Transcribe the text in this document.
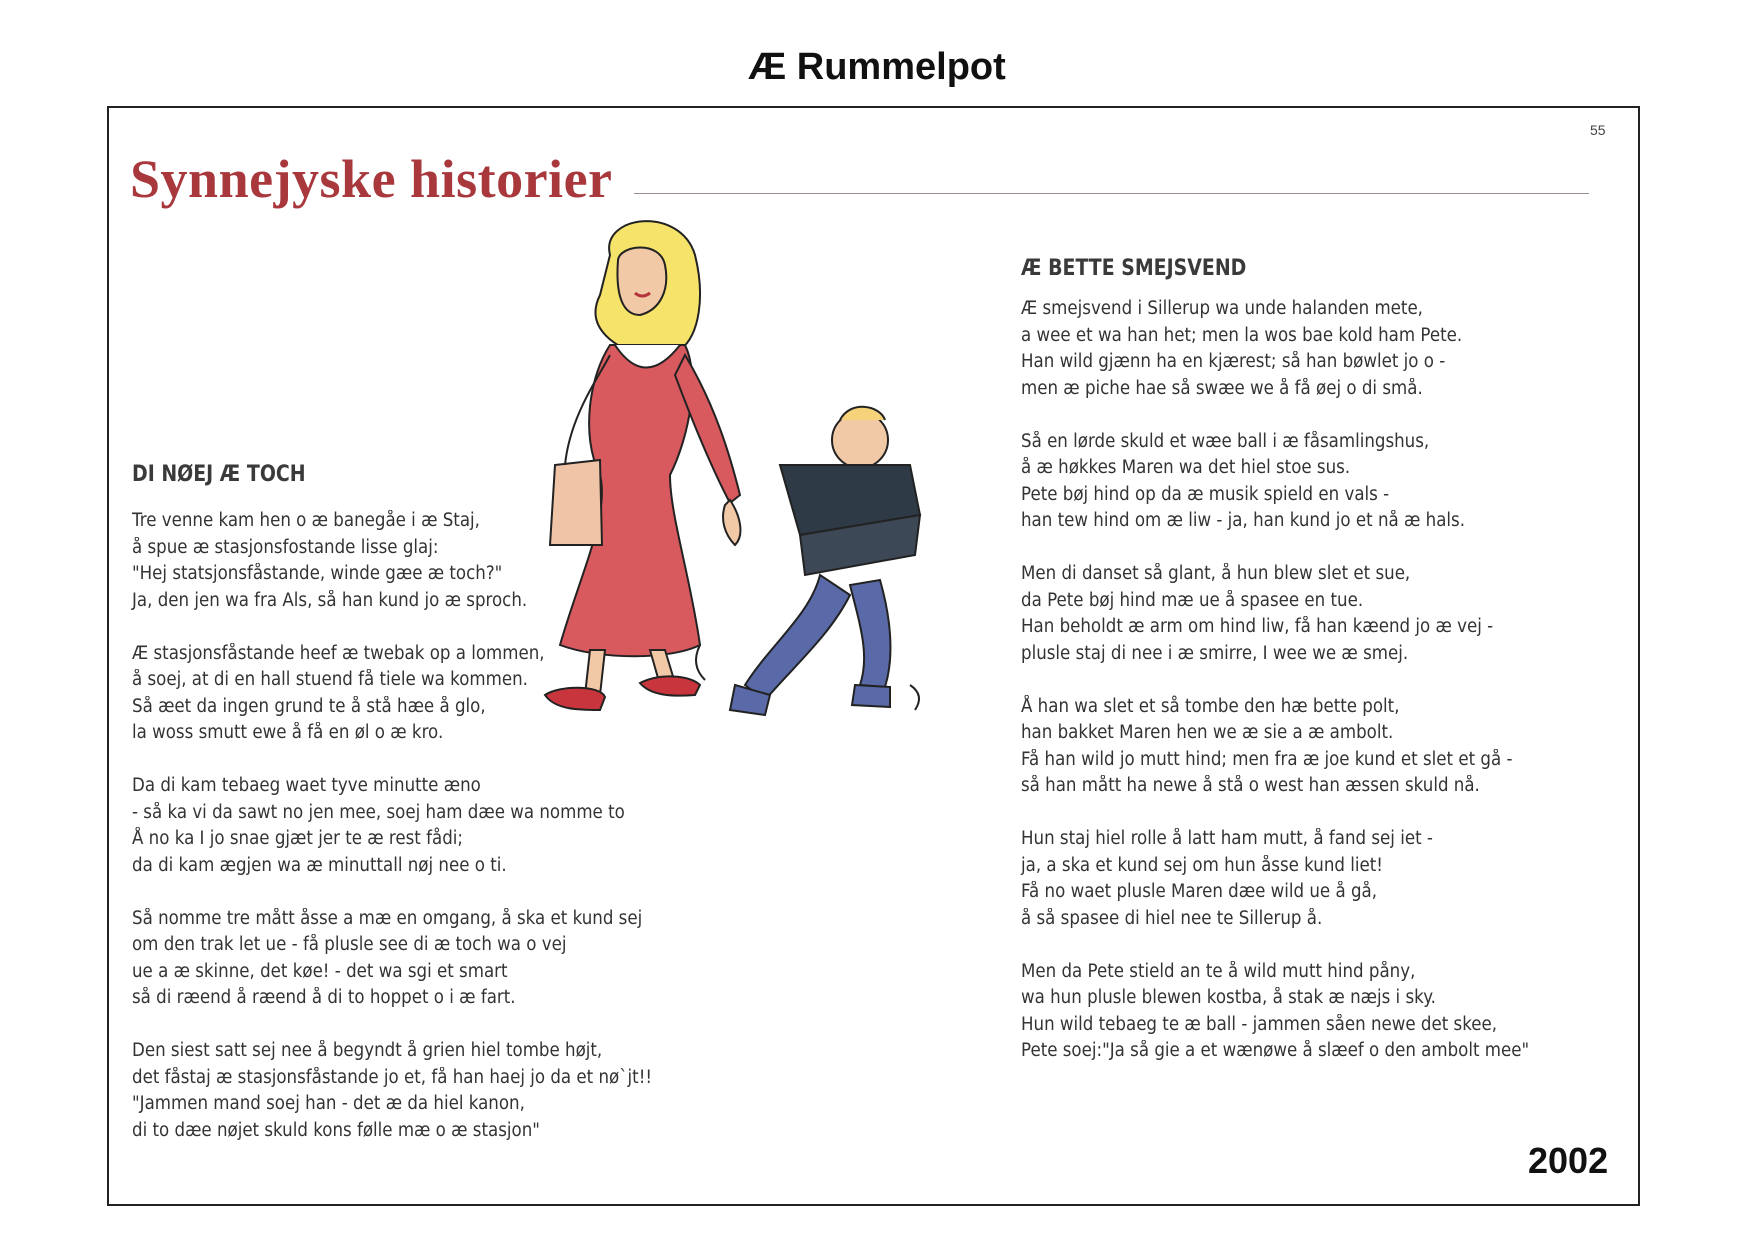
Æ Rummelpot
55
Synnejyske historier
DI NØEJ Æ TOCH
Tre venne kam hen o æ banegåe i æ Staj,
å spue æ stasjonsfostande lisse glaj:
"Hej statsjonsfåstande, winde gæe æ toch?"
Ja, den jen wa fra Als, så han kund jo æ sproch.
Æ stasjonsfåstande heef æ twebak op a lommen,
å soej, at di en hall stuend få tiele wa kommen.
Så æet da ingen grund te å stå hæe å glo,
la woss smutt ewe å få en øl o æ kro.
Da di kam tebaeg waet tyve minutte æno
- så ka vi da sawt no jen mee, soej ham dæe wa nomme to
Å no ka I jo snae gjæt jer te æ rest fådi;
da di kam ægjen wa æ minuttall nøj nee o ti.
Så nomme tre mått åsse a mæ en omgang, å ska et kund sej
om den trak let ue - få plusle see di æ toch wa o vej
ue a æ skinne, det køe! - det wa sgi et smart
så di ræend å ræend å di to hoppet o i æ fart.
Den siest satt sej nee å begyndt å grien hiel tombe højt,
det fåstaj æ stasjonsfåstande jo et, få han haej jo da et nø`jt!!
"Jammen mand soej han - det æ da hiel kanon,
di to dæe nøjet skuld kons følle mæ o æ stasjon"
Æ BETTE SMEJSVEND
Æ smejsvend i Sillerup wa unde halanden mete,
a wee et wa han het; men la wos bae kold ham Pete.
Han wild gjænn ha en kjærest; så han bøwlet jo o -
men æ piche hae så swæe we å få øej o di små.
Så en lørde skuld et wæe ball i æ fåsamlingshus,
å æ høkkes Maren wa det hiel stoe sus.
Pete bøj hind op da æ musik spield en vals -
han tew hind om æ liw - ja, han kund jo et nå æ hals.
Men di danset så glant, å hun blew slet et sue,
da Pete bøj hind mæ ue å spasee en tue.
Han beholdt æ arm om hind liw, få han kæend jo æ vej -
plusle staj di nee i æ smirre, I wee we æ smej.
Å han wa slet et så tombe den hæ bette polt,
han bakket Maren hen we æ sie a æ ambolt.
Få han wild jo mutt hind; men fra æ joe kund et slet et gå -
så han mått ha newe å stå o west han æssen skuld nå.
Hun staj hiel rolle å latt ham mutt, å fand sej iet -
ja, a ska et kund sej om hun åsse kund liet!
Få no waet plusle Maren dæe wild ue å gå,
å så spasee di hiel nee te Sillerup å.
Men da Pete stield an te å wild mutt hind påny,
wa hun plusle blewen kostba, å stak æ næjs i sky.
Hun wild tebaeg te æ ball - jammen såen newe det skee,
Pete soej:"Ja så gie a et wænøwe å slæef o den ambolt mee"
2002
